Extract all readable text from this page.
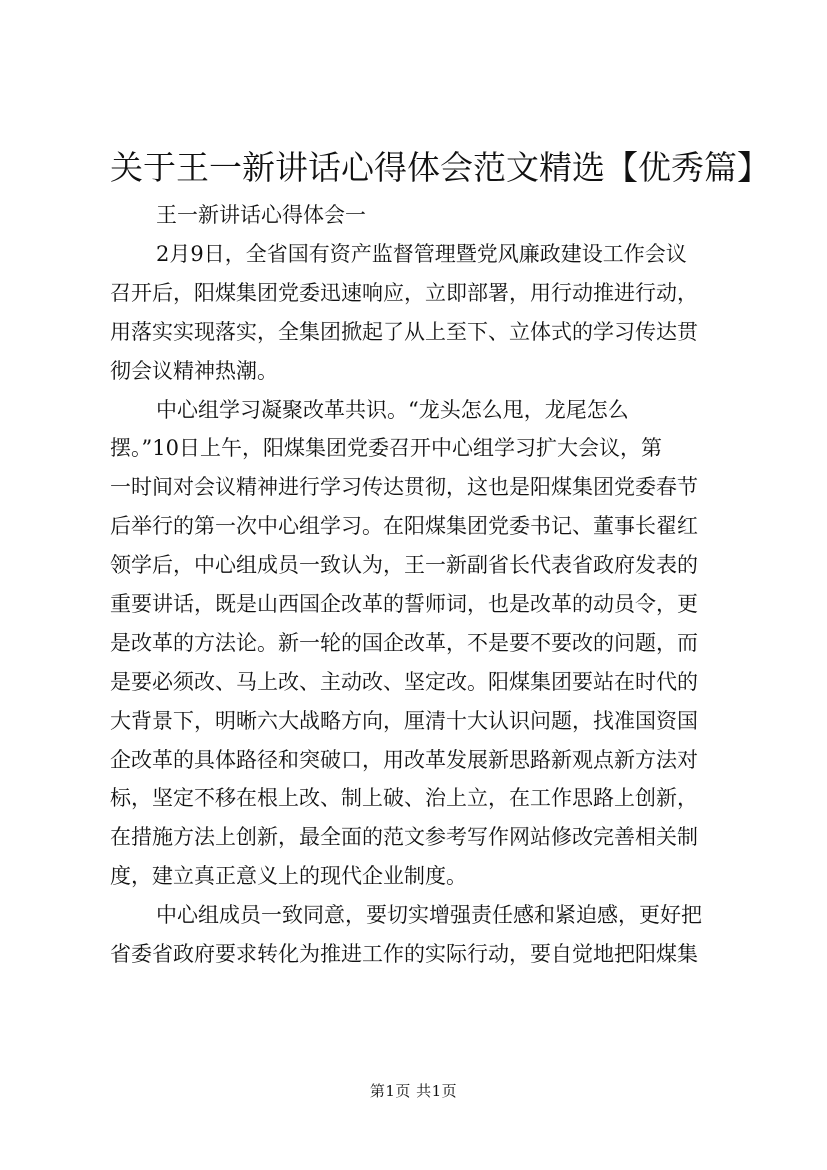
关于王一新讲话心得体会范文精选【优秀篇】

王一新讲话心得体会一

2月9日，全省国有资产监督管理暨党风廉政建设工作会议
召开后，阳煤集团党委迅速响应，立即部署，用行动推进行动，
用落实实现落实，全集团掀起了从上至下、立体式的学习传达贯
彻会议精神热潮。
中心组学习凝聚改革共识。“龙头怎么甩，龙尾怎么
摆。”10日上午，阳煤集团党委召开中心组学习扩大会议，第
一时间对会议精神进行学习传达贯彻，这也是阳煤集团党委春节
后举行的第一次中心组学习。在阳煤集团党委书记、董事长翟红
领学后，中心组成员一致认为，王一新副省长代表省政府发表的
重要讲话，既是山西国企改革的誓师词，也是改革的动员令，更
是改革的方法论。新一轮的国企改革，不是要不要改的问题，而
是要必须改、马上改、主动改、坚定改。阳煤集团要站在时代的
大背景下，明晰六大战略方向，厘清十大认识问题，找准国资国
企改革的具体路径和突破口，用改革发展新思路新观点新方法对
标，坚定不移在根上改、制上破、治上立，在工作思路上创新，
在措施方法上创新，最全面的范文参考写作网站修改完善相关制
度，建立真正意义上的现代企业制度。
中心组成员一致同意，要切实增强责任感和紧迫感，更好把
省委省政府要求转化为推进工作的实际行动，要自觉地把阳煤集
第1页 共1页
